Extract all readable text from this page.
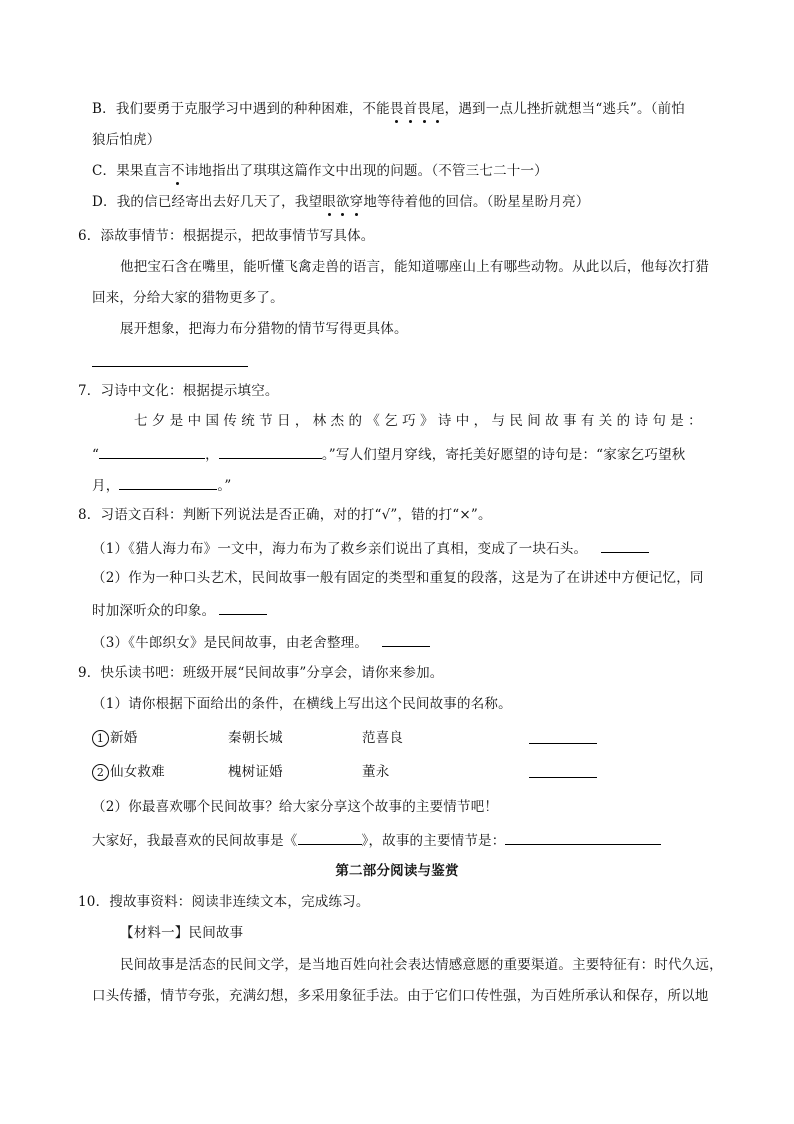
B．我们要勇于克服学习中遇到的种种困难，不能畏首畏尾，遇到一点儿挫折就想当“逃兵”。（前怕
狼后怕虎）
C．果果直言不讳地指出了琪琪这篇作文中出现的问题。（不管三七二十一）
D．我的信已经寄出去好几天了，我望眼欲穿地等待着他的回信。（盼星星盼月亮）
6．添故事情节：根据提示，把故事情节写具体。
他把宝石含在嘴里，能听懂飞禽走兽的语言，能知道哪座山上有哪些动物。从此以后，他每次打猎
回来，分给大家的猎物更多了。
展开想象，把海力布分猎物的情节写得更具体。
7．习诗中文化：根据提示填空。
七 夕 是 中 国 传 统 节 日 ， 林 杰 的 《 乞 巧 》 诗 中 ， 与 民 间 故 事 有 关 的 诗 句 是 ：
“	，	。”写人们望月穿线，寄托美好愿望的诗句是：“家家乞巧望秋
月，	。”
8．习语文百科：判断下列说法是否正确，对的打“√”，错的打“×”。
（1）《猎人海力布》一文中，海力布为了救乡亲们说出了真相，变成了一块石头。
（2）作为一种口头艺术，民间故事一般有固定的类型和重复的段落，这是为了在讲述中方便记忆，同
时加深听众的印象。
（3）《牛郎织女》是民间故事，由老舍整理。
9．快乐读书吧：班级开展“民间故事”分享会，请你来参加。
（1）请你根据下面给出的条件，在横线上写出这个民间故事的名称。
1 新婚	秦朝长城	范喜良
2 仙女救难	槐树证婚	董永
（2）你最喜欢哪个民间故事？给大家分享这个故事的主要情节吧！
大家好，我最喜欢的民间故事是《	》，故事的主要情节是：
第二部分阅读与鉴赏
10．搜故事资料：阅读非连续文本，完成练习。
【材料一】民间故事
民间故事是活态的民间文学，是当地百姓向社会表达情感意愿的重要渠道。主要特征有：时代久远，
口头传播，情节夸张，充满幻想，多采用象征手法。由于它们口传性强，为百姓所承认和保存，所以地
